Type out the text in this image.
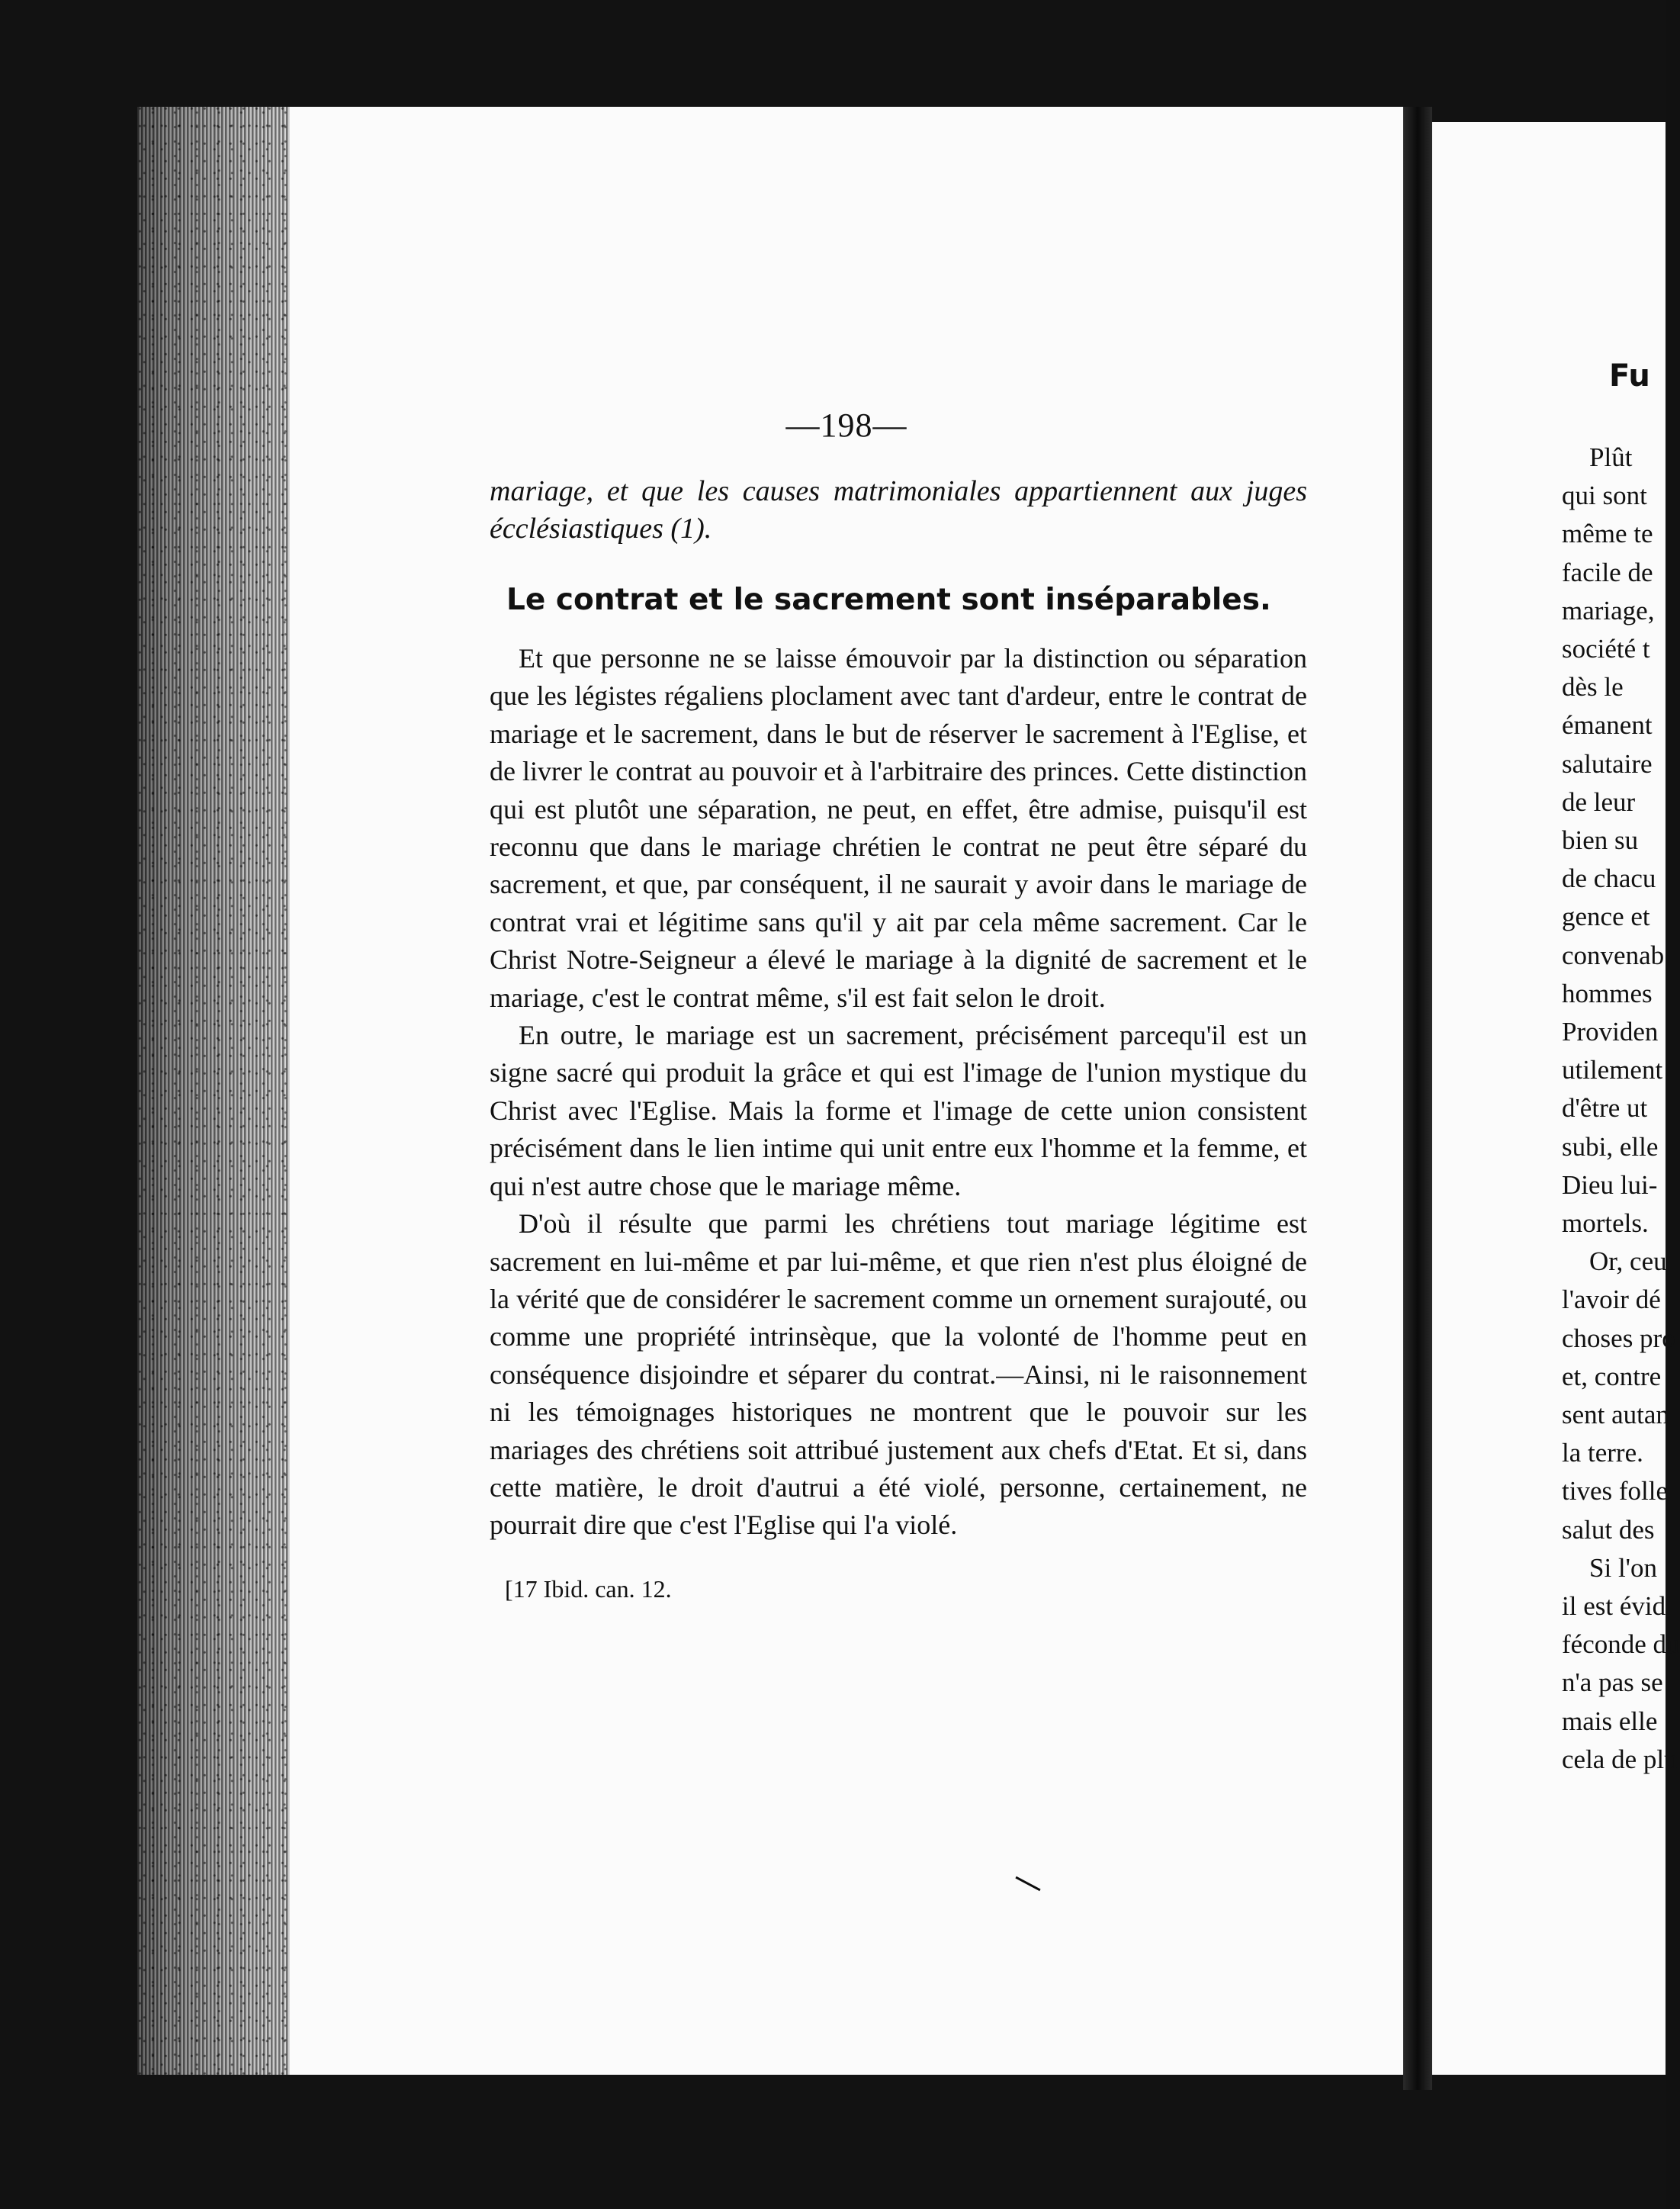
—198—

mariage, et que les causes matrimoniales appartiennent aux juges écclésiastiques (1).

Le contrat et le sacrement sont inséparables.

Et que personne ne se laisse émouvoir par la distinction ou séparation que les légistes régaliens ploclament avec tant d'ardeur, entre le contrat de mariage et le sacrement, dans le but de réserver le sacrement à l'Eglise, et de livrer le contrat au pouvoir et à l'arbitraire des princes. Cette distinction qui est plutôt une séparation, ne peut, en effet, être admise, puisqu'il est reconnu que dans le mariage chrétien le contrat ne peut être séparé du sacrement, et que, par conséquent, il ne saurait y avoir dans le mariage de contrat vrai et légitime sans qu'il y ait par cela même sacrement. Car le Christ Notre-Seigneur a élevé le mariage à la dignité de sacrement et le mariage, c'est le contrat même, s'il est fait selon le droit.

En outre, le mariage est un sacrement, précisément parcequ'il est un signe sacré qui produit la grâce et qui est l'image de l'union mystique du Christ avec l'Eglise. Mais la forme et l'image de cette union consistent précisément dans le lien intime qui unit entre eux l'homme et la femme, et qui n'est autre chose que le mariage même.

D'où il résulte que parmi les chrétiens tout mariage légitime est sacrement en lui-même et par lui-même, et que rien n'est plus éloigné de la vérité que de considérer le sacrement comme un ornement surajouté, ou comme une propriété intrinsèque, que la volonté de l'homme peut en conséquence disjoindre et séparer du contrat.—Ainsi, ni le raisonnement ni les témoignages historiques ne montrent que le pouvoir sur les mariages des chrétiens soit attribué justement aux chefs d'Etat. Et si, dans cette matière, le droit d'autrui a été violé, personne, certainement, ne pourrait dire que c'est l'Eglise qui l'a violé.

[17 Ibid. can. 12.
Fu
Plût
qui sont
même te
facile de
mariage,
société t
dès le
émanent
salutaire
de leur
bien su
de chacu
gence et
convenab
hommes
Providen
utilement
d'être ut
subi, elle
Dieu lui-
mortels.
Or, ceu
l'avoir dé
choses pro
et, contre
sent autan
la terre.
tives folle
salut des
Si l'on
il est évid
féconde du
n'a pas se
mais elle
cela de plu
